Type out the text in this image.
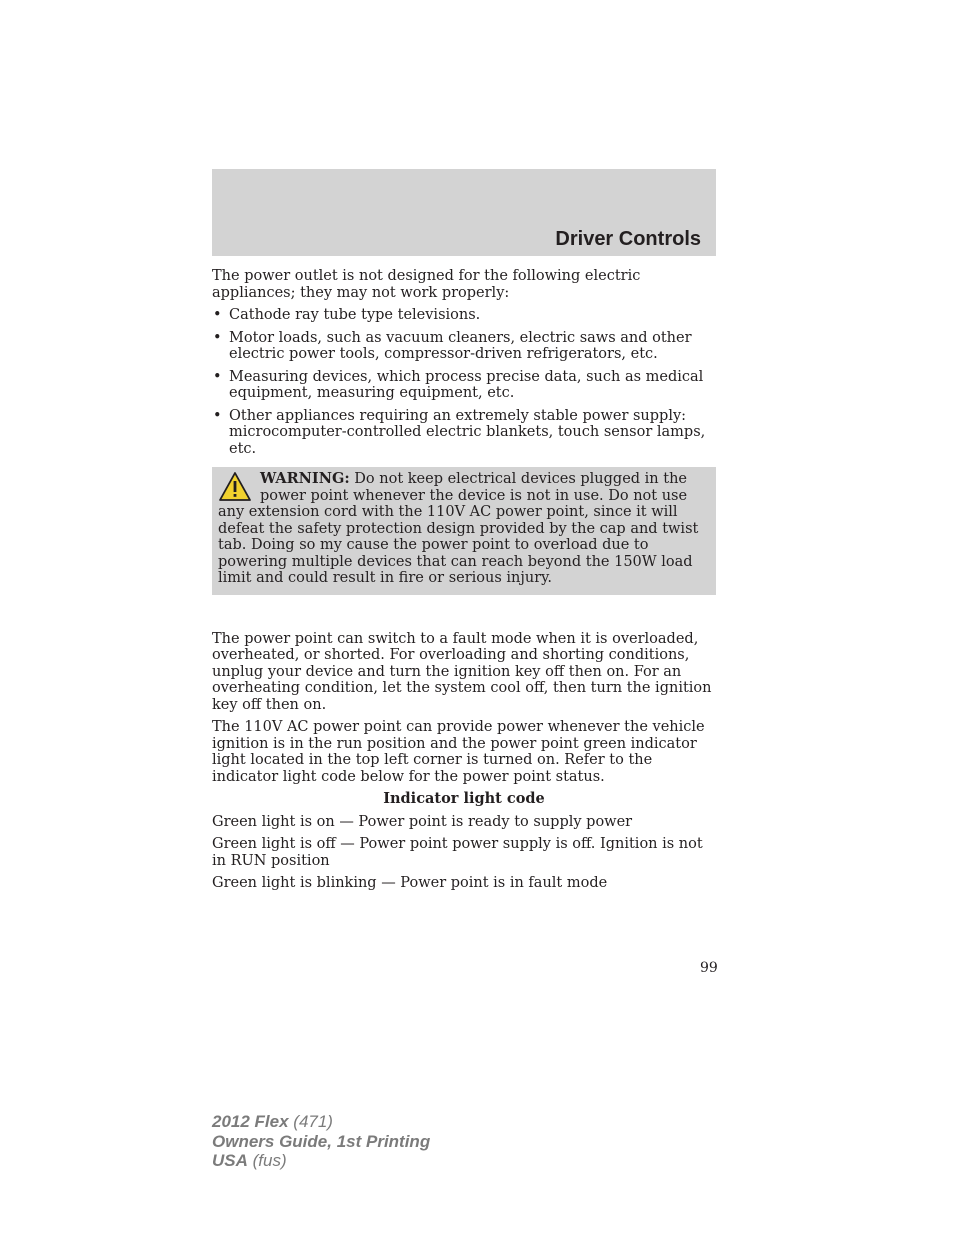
Driver Controls

The power outlet is not designed for the following electric appliances; they may not work properly:

• Cathode ray tube type televisions.
• Motor loads, such as vacuum cleaners, electric saws and other electric power tools, compressor-driven refrigerators, etc.
• Measuring devices, which process precise data, such as medical equipment, measuring equipment, etc.
• Other appliances requiring an extremely stable power supply: microcomputer-controlled electric blankets, touch sensor lamps, etc.
WARNING: Do not keep electrical devices plugged in the power point whenever the device is not in use. Do not use any extension cord with the 110V AC power point, since it will defeat the safety protection design provided by the cap and twist tab. Doing so my cause the power point to overload due to powering multiple devices that can reach beyond the 150W load limit and could result in fire or serious injury.

The power point can switch to a fault mode when it is overloaded, overheated, or shorted. For overloading and shorting conditions, unplug your device and turn the ignition key off then on. For an overheating condition, let the system cool off, then turn the ignition key off then on.

The 110V AC power point can provide power whenever the vehicle ignition is in the run position and the power point green indicator light located in the top left corner is turned on. Refer to the indicator light code below for the power point status.

Indicator light code

Green light is on — Power point is ready to supply power

Green light is off — Power point power supply is off. Ignition is not in RUN position

Green light is blinking — Power point is in fault mode

99
2012 Flex (471)
Owners Guide, 1st Printing
USA (fus)
